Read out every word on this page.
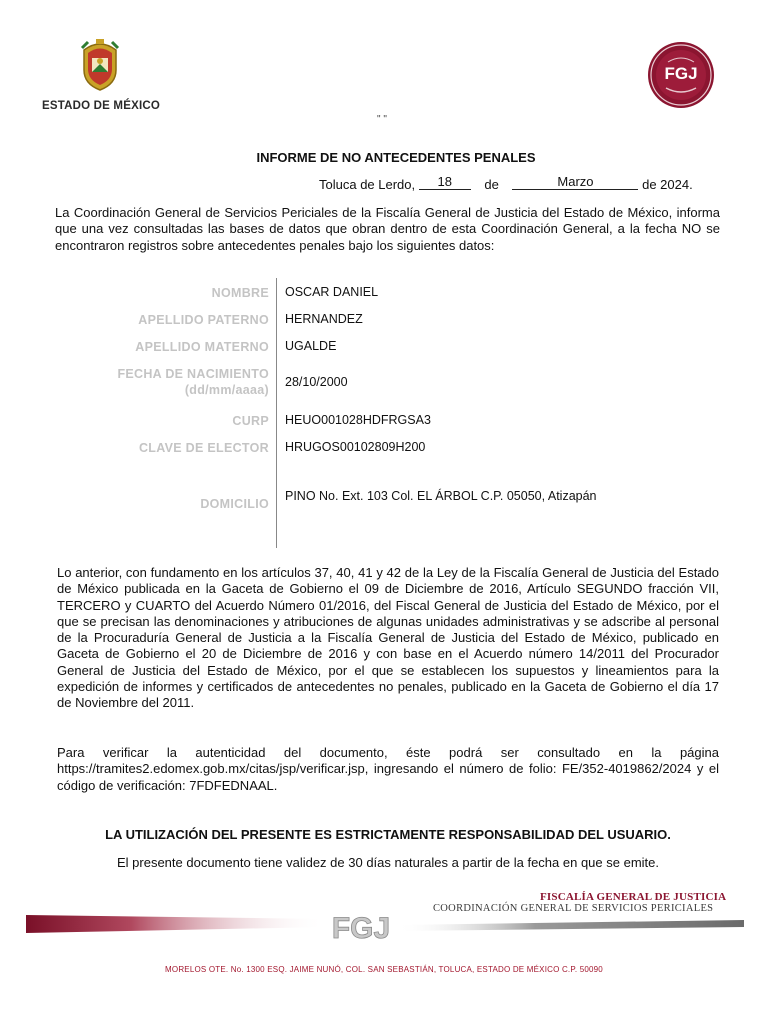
ESTADO DE MÉXICO
FGJ
" "
INFORME DE NO ANTECEDENTES PENALES
Toluca de Lerdo, 18 de	Marzo	de 2024.
La Coordinación General de Servicios Periciales de la Fiscalía General de Justicia del Estado de México, informa que una vez consultadas las bases de datos que obran dentro de esta Coordinación General, a la fecha NO se encontraron registros sobre antecedentes penales bajo los siguientes datos:
NOMBRE OSCAR DANIEL
APELLIDO PATERNO HERNANDEZ
APELLIDO MATERNO UGALDE
FECHA DE NACIMIENTO
(dd/mm/aaaa)
28/10/2000
CURP HEUO001028HDFRGSA3
CLAVE DE ELECTOR HRUGOS00102809H200
DOMICILIO
PINO No. Ext. 103 Col. EL ÁRBOL C.P. 05050, Atizapán
Lo anterior, con fundamento en los artículos 37, 40, 41 y 42 de la Ley de la Fiscalía General de Justicia del Estado de México publicada en la Gaceta de Gobierno el 09 de Diciembre de 2016, Artículo SEGUNDO fracción VII, TERCERO y CUARTO del Acuerdo Número 01/2016, del Fiscal General de Justicia del Estado de México, por el que se precisan las denominaciones y atribuciones de algunas unidades administrativas y se adscribe al personal de la Procuraduría General de Justicia a la Fiscalía General de Justicia del Estado de México, publicado en Gaceta de Gobierno el 20 de Diciembre de 2016 y con base en el Acuerdo número 14/2011 del Procurador General de Justicia del Estado de México, por el que se establecen los supuestos y lineamientos para la expedición de informes y certificados de antecedentes no penales, publicado en la Gaceta de Gobierno el día 17 de Noviembre del 2011.
Para verificar la autenticidad del documento, éste podrá ser consultado en la página https://tramites2.edomex.gob.mx/citas/jsp/verificar.jsp, ingresando el número de folio: FE/352-4019862/2024 y el código de verificación: 7FDFEDNAAL.
LA UTILIZACIÓN DEL PRESENTE ES ESTRICTAMENTE RESPONSABILIDAD DEL USUARIO.
El presente documento tiene validez de 30 días naturales a partir de la fecha en que se emite.
FGJ
FISCALÍA GENERAL DE JUSTICIA
COORDINACIÓN GENERAL DE SERVICIOS PERICIALES
MORELOS OTE. No. 1300 ESQ. JAIME NUNÓ, COL. SAN SEBASTIÁN, TOLUCA, ESTADO DE MÉXICO C.P. 50090
